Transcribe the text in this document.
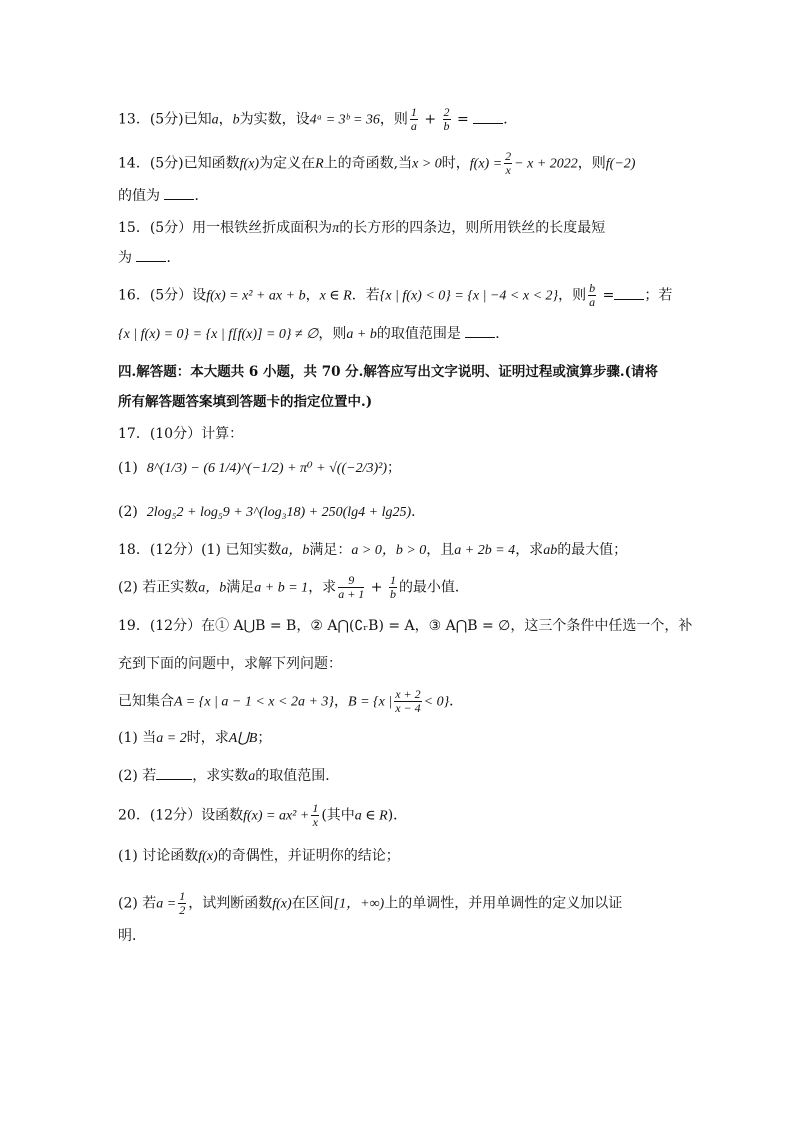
13．(5分)已知a，b为实数，设4ᵃ = 3ᵇ = 36，则 $\frac{1}{a} + \frac{2}{b}$ = ．
14．(5分)已知函数f(x)为定义在R上的奇函数,当x > 0时，$f(x) = \frac{2}{x} - x + 2022$，则f(−2)
的值为 ．
15．(5分）用一根铁丝折成面积为π的长方形的四条边，则所用铁丝的长度最短
为 ．
16．(5分）设f(x) = x² + ax + b，x ∈ R．若{x | f(x) < 0} = {x | −4 < x < 2}，则 $\frac{b}{a}$ = ；若
{x | f(x) = 0} = {x | f[f(x)] = 0} ≠ ∅，则a + b的取值范围是 ．
四.解答题：本大题共 6 小题，共 70 分.解答应写出文字说明、证明过程或演算步骤.(请将
所有解答题答案填到答题卡的指定位置中.)
17．(10分）计算：
(1) 8^(1/3) − (6 1/4)^(−1/2) + π⁰ + √((−2/3)²)；
(2) 2log₅2 + log₅9 + 3^(log₃18) + 250(lg4 + lg25)．
18．(12分）(1) 已知实数a，b满足：a > 0，b > 0，且a + 2b = 4，求ab的最大值；
(2) 若正实数a，b满足a + b = 1，求 $\frac{9}{a + 1} + \frac{1}{b}$ 的最小值．
19．(12分）在① A⋃B = B，② A⋂(∁ᵣB) = A，③ A⋂B = ∅，这三个条件中任选一个，补
充到下面的问题中，求解下列问题：
已知集合A = {x | a − 1 < x < 2a + 3}，B = {x | $\frac{x + 2}{x - 4} < 0$}．
(1) 当a = 2时，求A⋃B；
(2) 若	，求实数a的取值范围．
20．(12分）设函数$f(x) = ax^2 + \frac{1}{x}$ (其中a ∈ R)．
(1) 讨论函数f(x)的奇偶性，并证明你的结论；
(2) 若$a = \frac{1}{2}$ ，试判断函数f(x)在区间[1，+∞)上的单调性，并用单调性的定义加以证
明．
